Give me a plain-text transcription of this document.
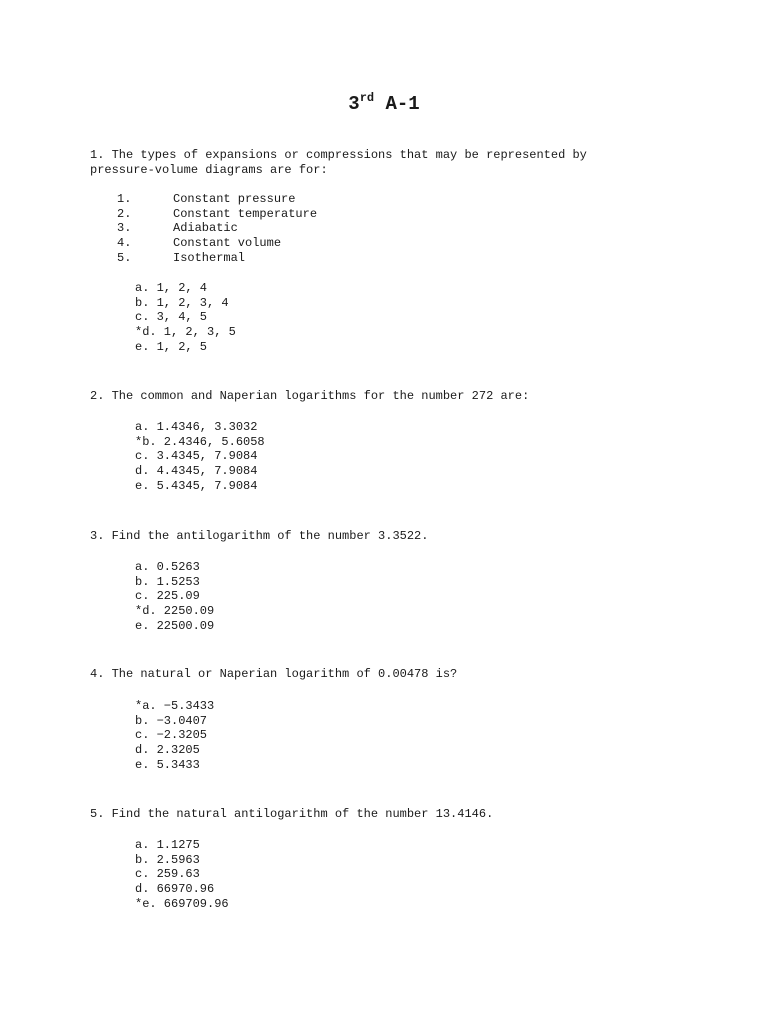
3rd A-1
1. The types of expansions or compressions that may be represented by
pressure-volume diagrams are for:
1.	Constant pressure
2.	Constant temperature
3.	Adiabatic
4.	Constant volume
5.	Isothermal
a. 1, 2, 4
b. 1, 2, 3, 4
c. 3, 4, 5
*d. 1, 2, 3, 5
e. 1, 2, 5
2. The common and Naperian logarithms for the number 272 are:
a. 1.4346, 3.3032
*b. 2.4346, 5.6058
c. 3.4345, 7.9084
d. 4.4345, 7.9084
e. 5.4345, 7.9084
3. Find the antilogarithm of the number 3.3522.
a. 0.5263
b. 1.5253
c. 225.09
*d. 2250.09
e. 22500.09
4. The natural or Naperian logarithm of 0.00478 is?
*a. −5.3433
b. −3.0407
c. −2.3205
d. 2.3205
e. 5.3433
5. Find the natural antilogarithm of the number 13.4146.
a. 1.1275
b. 2.5963
c. 259.63
d. 66970.96
*e. 669709.96
